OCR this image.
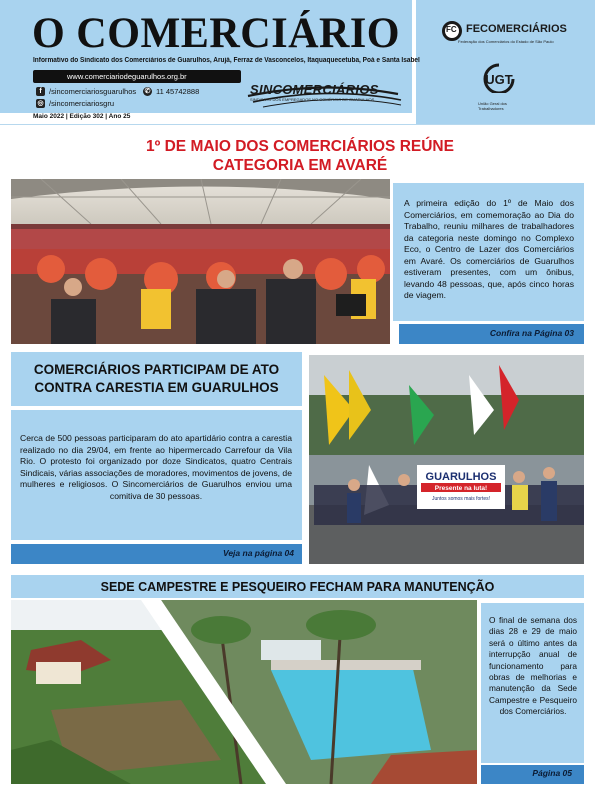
O COMERCIÁRIO
Informativo do Sindicato dos Comerciários de Guarulhos, Arujá, Ferraz de Vasconcelos, Itaquaquecetuba, Poá e Santa Isabel
www.comerciariodeguarulhos.org.br
f /sincomerciariosguarulhos ✆ 11 45742888
◎ /sincomerciariosgru
SINCOMERCIÁRIOS
SINDICATO DOS EMPREGADOS NO COMÉRCIO DE GUARULHOS
Maio 2022 | Edição 302 | Ano 25
FC FECOMERCIÁRIOS
Federação dos Comerciários do Estado de São Paulo
UGT
União Geral dos Trabalhadores
1º DE MAIO DOS COMERCIÁRIOS REÚNE
CATEGORIA EM AVARÉ
A primeira edição do 1º de Maio dos Comerciários, em comemoração ao Dia do Trabalho, reuniu milhares de trabalhadores da categoria neste domingo no Complexo Eco, o Centro de Lazer dos Comerciários em Avaré. Os comerciários de Guarulhos estiveram presentes, com um ônibus, levando 48 pessoas, que, após cinco horas de viagem.
Confira na Página 03
COMERCIÁRIOS PARTICIPAM DE ATO
CONTRA CARESTIA EM GUARULHOS
Cerca de 500 pessoas participaram do ato apartidário contra a carestia realizado no dia 29/04, em frente ao hipermercado Carrefour da Vila Rio. O protesto foi organizado por doze Sindicatos, quatro Centrais Sindicais, várias associações de moradores, movimentos de jovens, de mulheres e religiosos. O Sincomerciários de Guarulhos enviou uma comitiva de 30 pessoas.
Veja na página 04
GUARULHOS
Presente na luta!
Juntos somos mais fortes!
SEDE CAMPESTRE E PESQUEIRO FECHAM PARA MANUTENÇÃO
O final de semana dos dias 28 e 29 de maio será o último antes da interrupção anual de funcionamento para obras de melhorias e manutenção da Sede Campestre e Pesqueiro dos Comerciários.
Página 05
